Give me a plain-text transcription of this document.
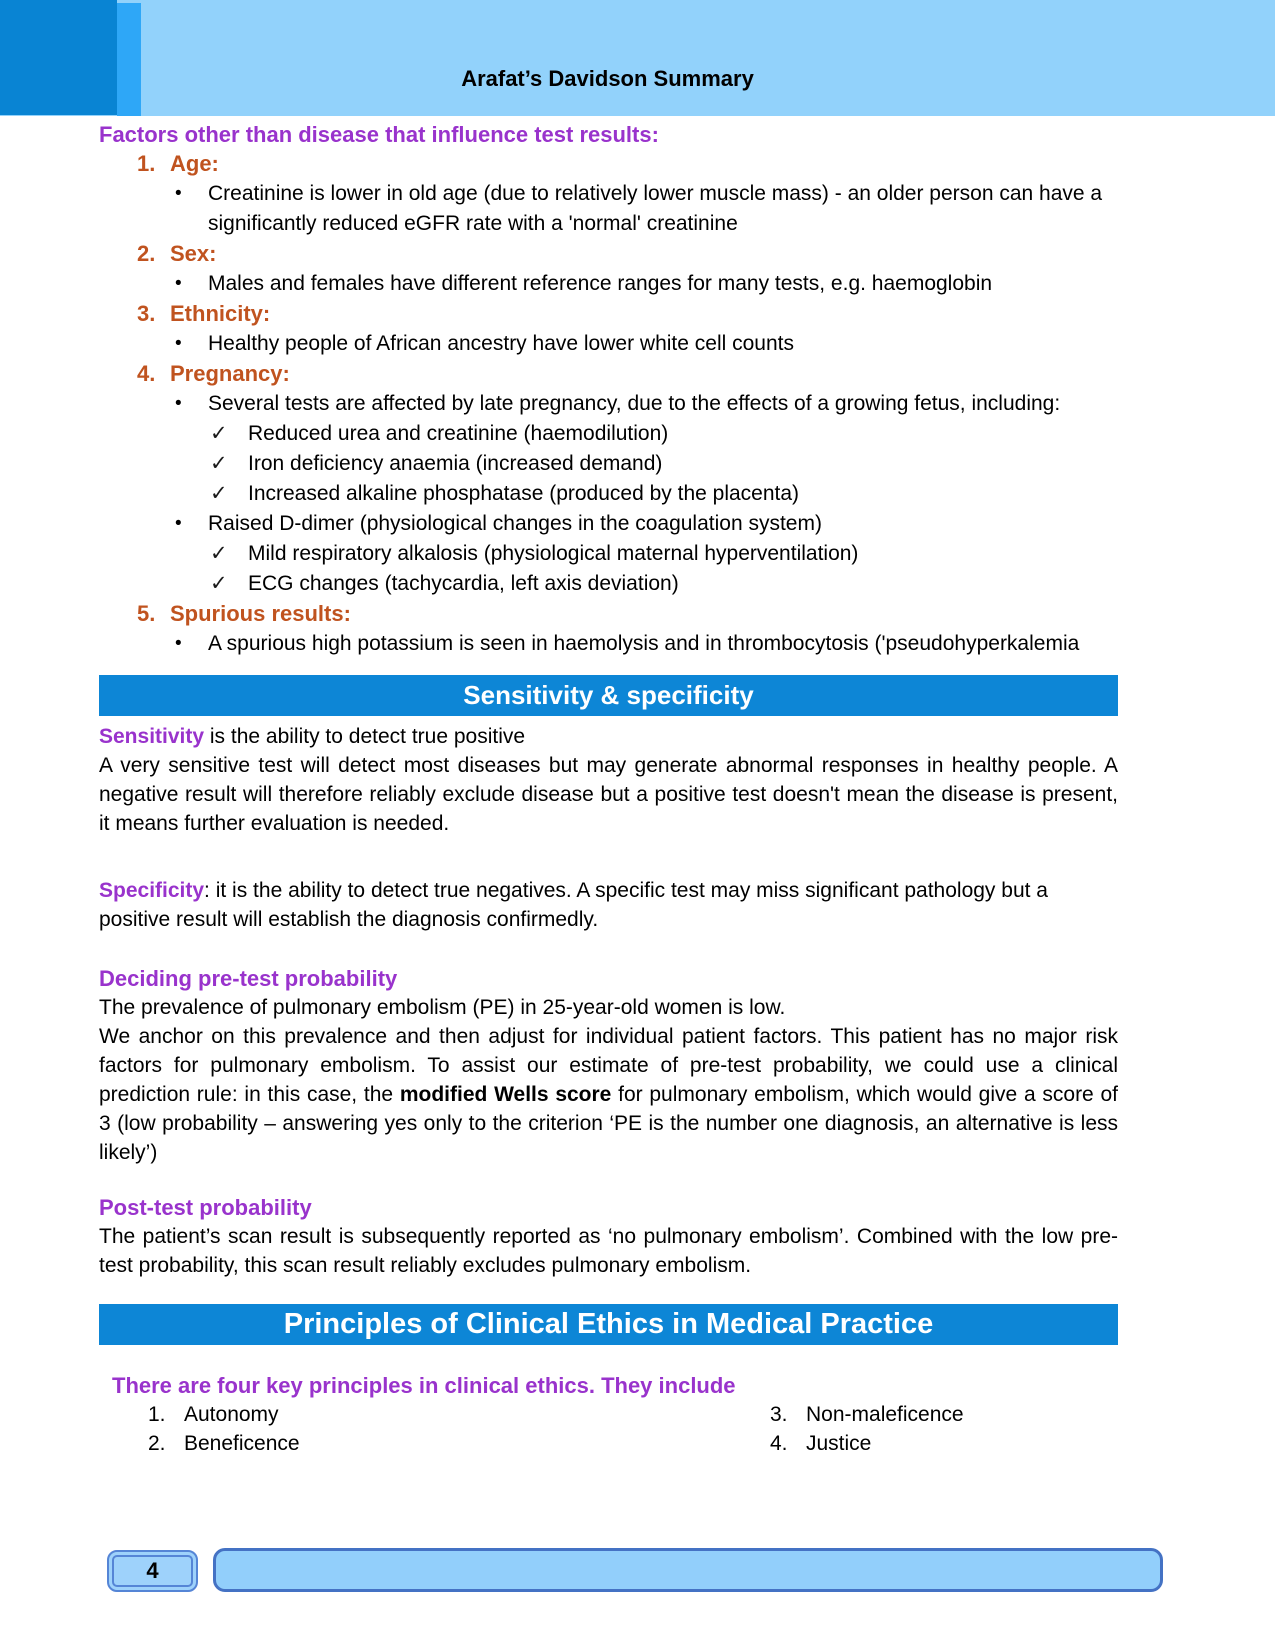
Arafat’s Davidson Summary
Factors other than disease that influence test results:
1. Age:
•	Creatinine is lower in old age (due to relatively lower muscle mass) - an older person can have a significantly reduced eGFR rate with a 'normal' creatinine
2. Sex:
•	Males and females have different reference ranges for many tests, e.g. haemoglobin
3. Ethnicity:
•	Healthy people of African ancestry have lower white cell counts
4. Pregnancy:
•	Several tests are affected by late pregnancy, due to the effects of a growing fetus, including:
✓ Reduced urea and creatinine (haemodilution)
✓ Iron deficiency anaemia (increased demand)
✓ Increased alkaline phosphatase (produced by the placenta)
•	Raised D-dimer (physiological changes in the coagulation system)
✓ Mild respiratory alkalosis (physiological maternal hyperventilation)
✓ ECG changes (tachycardia, left axis deviation)
5. Spurious results:
•	A spurious high potassium is seen in haemolysis and in thrombocytosis ('pseudohyperkalemia
Sensitivity & specificity

Sensitivity is the ability to detect true positive

A very sensitive test will detect most diseases but may generate abnormal responses in healthy people. A negative result will therefore reliably exclude disease but a positive test doesn't mean the disease is present, it means further evaluation is needed.

Specificity: it is the ability to detect true negatives. A specific test may miss significant pathology but a positive result will establish the diagnosis confirmedly.

Deciding pre-test probability

The prevalence of pulmonary embolism (PE) in 25-year-old women is low.

We anchor on this prevalence and then adjust for individual patient factors. This patient has no major risk factors for pulmonary embolism. To assist our estimate of pre-test probability, we could use a clinical prediction rule: in this case, the modified Wells score for pulmonary embolism, which would give a score of 3 (low probability – answering yes only to the criterion ‘PE is the number one diagnosis, an alternative is less likely’)

Post-test probability

The patient’s scan result is subsequently reported as ‘no pulmonary embolism’. Combined with the low pre-test probability, this scan result reliably excludes pulmonary embolism.

Principles of Clinical Ethics in Medical Practice
There are four key principles in clinical ethics. They include
1. Autonomy
2. Beneficence
3. Non-maleficence
4. Justice
4
